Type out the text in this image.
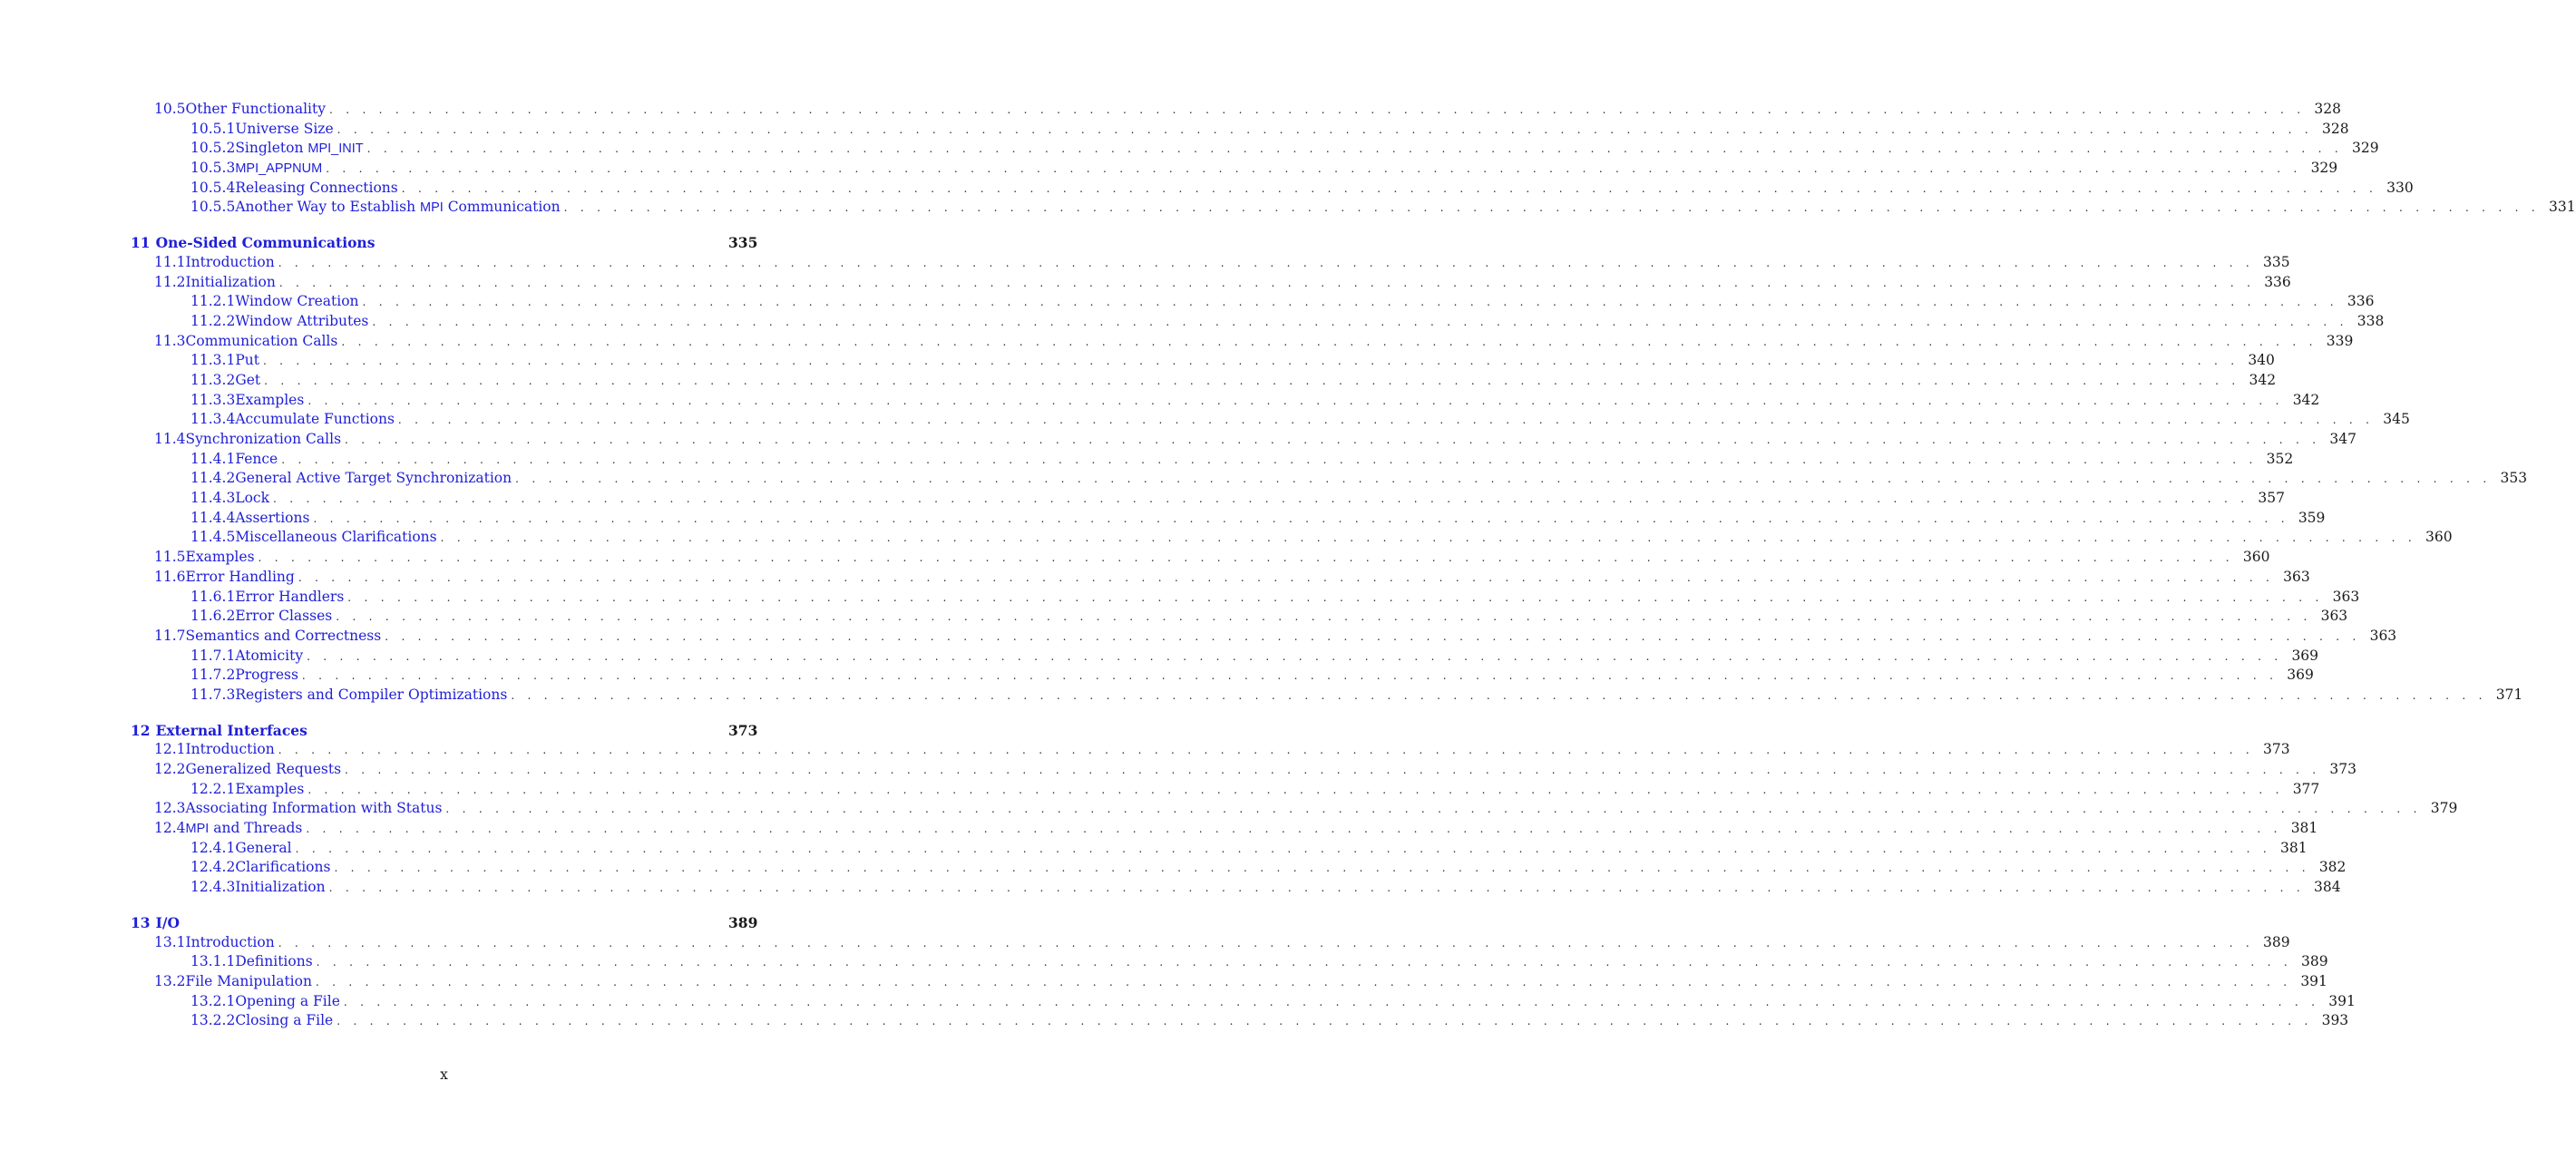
10.5 Other Functionality . . . . . . . . . . . . . . . . . . . . . . . . . . . . . . . . . . . . . . . . . . . . . . . . . . . . . . . . . . . . . . . . . . . . . . . . . . . . . . . . . . . . . . . . . . . . . . . . . . . . . . . . . . . . . . . . . . . . . . . . 328
10.5.1 Universe Size . . . . . . . . . . . . . . . . . . . . . . . . . . . . . . . . . . . . . . . . . . . . . . . . . . . . . . . . . . . . . . . . . . . . . . . . . . . . . . . . . . . . . . . . . . . . . . . . . . . . . . . . . . . . . . . . . . . . . . . . 328
10.5.2 Singleton MPI_INIT . . . . . . . . . . . . . . . . . . . . . . . . . . . . . . . . . . . . . . . . . . . . . . . . . . . . . . . . . . . . . . . . . . . . . . . . . . . . . . . . . . . . . . . . . . . . . . . . . . . . . . . . . . . . . . . . . . . . . . . . 329
10.5.3 MPI_APPNUM . . . . . . . . . . . . . . . . . . . . . . . . . . . . . . . . . . . . . . . . . . . . . . . . . . . . . . . . . . . . . . . . . . . . . . . . . . . . . . . . . . . . . . . . . . . . . . . . . . . . . . . . . . . . . . . . . . . . . . . . 329
10.5.4 Releasing Connections . . . . . . . . . . . . . . . . . . . . . . . . . . . . . . . . . . . . . . . . . . . . . . . . . . . . . . . . . . . . . . . . . . . . . . . . . . . . . . . . . . . . . . . . . . . . . . . . . . . . . . . . . . . . . . . . . . . . . . . . 330
10.5.5 Another Way to Establish MPI Communication . . . . . . . . . . . . . . . . . . . . . . . . . . . . . . . . . . . . . . . . . . . . . . . . . . . . . . . . . . . . . . . . . . . . . . . . . . . . . . . . . . . . . . . . . . . . . . . . . . . . . . . . . . . . . . . . . . . . . . . . 331
11 One-Sided Communications	335
11.1 Introduction . . . . . . . . . . . . . . . . . . . . . . . . . . . . . . . . . . . . . . . . . . . . . . . . . . . . . . . . . . . . . . . . . . . . . . . . . . . . . . . . . . . . . . . . . . . . . . . . . . . . . . . . . . . . . . . . . . . . . . . . 335
11.2 Initialization . . . . . . . . . . . . . . . . . . . . . . . . . . . . . . . . . . . . . . . . . . . . . . . . . . . . . . . . . . . . . . . . . . . . . . . . . . . . . . . . . . . . . . . . . . . . . . . . . . . . . . . . . . . . . . . . . . . . . . . . 336
11.2.1 Window Creation . . . . . . . . . . . . . . . . . . . . . . . . . . . . . . . . . . . . . . . . . . . . . . . . . . . . . . . . . . . . . . . . . . . . . . . . . . . . . . . . . . . . . . . . . . . . . . . . . . . . . . . . . . . . . . . . . . . . . . . . 336
11.2.2 Window Attributes . . . . . . . . . . . . . . . . . . . . . . . . . . . . . . . . . . . . . . . . . . . . . . . . . . . . . . . . . . . . . . . . . . . . . . . . . . . . . . . . . . . . . . . . . . . . . . . . . . . . . . . . . . . . . . . . . . . . . . . . 338
11.3 Communication Calls . . . . . . . . . . . . . . . . . . . . . . . . . . . . . . . . . . . . . . . . . . . . . . . . . . . . . . . . . . . . . . . . . . . . . . . . . . . . . . . . . . . . . . . . . . . . . . . . . . . . . . . . . . . . . . . . . . . . . . . . 339
11.3.1 Put . . . . . . . . . . . . . . . . . . . . . . . . . . . . . . . . . . . . . . . . . . . . . . . . . . . . . . . . . . . . . . . . . . . . . . . . . . . . . . . . . . . . . . . . . . . . . . . . . . . . . . . . . . . . . . . . . . . . . . . . 340
11.3.2 Get . . . . . . . . . . . . . . . . . . . . . . . . . . . . . . . . . . . . . . . . . . . . . . . . . . . . . . . . . . . . . . . . . . . . . . . . . . . . . . . . . . . . . . . . . . . . . . . . . . . . . . . . . . . . . . . . . . . . . . . . 342
11.3.3 Examples . . . . . . . . . . . . . . . . . . . . . . . . . . . . . . . . . . . . . . . . . . . . . . . . . . . . . . . . . . . . . . . . . . . . . . . . . . . . . . . . . . . . . . . . . . . . . . . . . . . . . . . . . . . . . . . . . . . . . . . . 342
11.3.4 Accumulate Functions . . . . . . . . . . . . . . . . . . . . . . . . . . . . . . . . . . . . . . . . . . . . . . . . . . . . . . . . . . . . . . . . . . . . . . . . . . . . . . . . . . . . . . . . . . . . . . . . . . . . . . . . . . . . . . . . . . . . . . . . 345
11.4 Synchronization Calls . . . . . . . . . . . . . . . . . . . . . . . . . . . . . . . . . . . . . . . . . . . . . . . . . . . . . . . . . . . . . . . . . . . . . . . . . . . . . . . . . . . . . . . . . . . . . . . . . . . . . . . . . . . . . . . . . . . . . . . . 347
11.4.1 Fence . . . . . . . . . . . . . . . . . . . . . . . . . . . . . . . . . . . . . . . . . . . . . . . . . . . . . . . . . . . . . . . . . . . . . . . . . . . . . . . . . . . . . . . . . . . . . . . . . . . . . . . . . . . . . . . . . . . . . . . . 352
11.4.2 General Active Target Synchronization . . . . . . . . . . . . . . . . . . . . . . . . . . . . . . . . . . . . . . . . . . . . . . . . . . . . . . . . . . . . . . . . . . . . . . . . . . . . . . . . . . . . . . . . . . . . . . . . . . . . . . . . . . . . . . . . . . . . . . . . 353
11.4.3 Lock . . . . . . . . . . . . . . . . . . . . . . . . . . . . . . . . . . . . . . . . . . . . . . . . . . . . . . . . . . . . . . . . . . . . . . . . . . . . . . . . . . . . . . . . . . . . . . . . . . . . . . . . . . . . . . . . . . . . . . . . 357
11.4.4 Assertions . . . . . . . . . . . . . . . . . . . . . . . . . . . . . . . . . . . . . . . . . . . . . . . . . . . . . . . . . . . . . . . . . . . . . . . . . . . . . . . . . . . . . . . . . . . . . . . . . . . . . . . . . . . . . . . . . . . . . . . . 359
11.4.5 Miscellaneous Clarifications . . . . . . . . . . . . . . . . . . . . . . . . . . . . . . . . . . . . . . . . . . . . . . . . . . . . . . . . . . . . . . . . . . . . . . . . . . . . . . . . . . . . . . . . . . . . . . . . . . . . . . . . . . . . . . . . . . . . . . . . 360
11.5 Examples . . . . . . . . . . . . . . . . . . . . . . . . . . . . . . . . . . . . . . . . . . . . . . . . . . . . . . . . . . . . . . . . . . . . . . . . . . . . . . . . . . . . . . . . . . . . . . . . . . . . . . . . . . . . . . . . . . . . . . . . 360
11.6 Error Handling . . . . . . . . . . . . . . . . . . . . . . . . . . . . . . . . . . . . . . . . . . . . . . . . . . . . . . . . . . . . . . . . . . . . . . . . . . . . . . . . . . . . . . . . . . . . . . . . . . . . . . . . . . . . . . . . . . . . . . . . 363
11.6.1 Error Handlers . . . . . . . . . . . . . . . . . . . . . . . . . . . . . . . . . . . . . . . . . . . . . . . . . . . . . . . . . . . . . . . . . . . . . . . . . . . . . . . . . . . . . . . . . . . . . . . . . . . . . . . . . . . . . . . . . . . . . . . . 363
11.6.2 Error Classes . . . . . . . . . . . . . . . . . . . . . . . . . . . . . . . . . . . . . . . . . . . . . . . . . . . . . . . . . . . . . . . . . . . . . . . . . . . . . . . . . . . . . . . . . . . . . . . . . . . . . . . . . . . . . . . . . . . . . . . . 363
11.7 Semantics and Correctness . . . . . . . . . . . . . . . . . . . . . . . . . . . . . . . . . . . . . . . . . . . . . . . . . . . . . . . . . . . . . . . . . . . . . . . . . . . . . . . . . . . . . . . . . . . . . . . . . . . . . . . . . . . . . . . . . . . . . . . . 363
11.7.1 Atomicity . . . . . . . . . . . . . . . . . . . . . . . . . . . . . . . . . . . . . . . . . . . . . . . . . . . . . . . . . . . . . . . . . . . . . . . . . . . . . . . . . . . . . . . . . . . . . . . . . . . . . . . . . . . . . . . . . . . . . . . . 369
11.7.2 Progress . . . . . . . . . . . . . . . . . . . . . . . . . . . . . . . . . . . . . . . . . . . . . . . . . . . . . . . . . . . . . . . . . . . . . . . . . . . . . . . . . . . . . . . . . . . . . . . . . . . . . . . . . . . . . . . . . . . . . . . . 369
11.7.3 Registers and Compiler Optimizations . . . . . . . . . . . . . . . . . . . . . . . . . . . . . . . . . . . . . . . . . . . . . . . . . . . . . . . . . . . . . . . . . . . . . . . . . . . . . . . . . . . . . . . . . . . . . . . . . . . . . . . . . . . . . . . . . . . . . . . . 371
12 External Interfaces	373
12.1 Introduction . . . . . . . . . . . . . . . . . . . . . . . . . . . . . . . . . . . . . . . . . . . . . . . . . . . . . . . . . . . . . . . . . . . . . . . . . . . . . . . . . . . . . . . . . . . . . . . . . . . . . . . . . . . . . . . . . . . . . . . . 373
12.2 Generalized Requests . . . . . . . . . . . . . . . . . . . . . . . . . . . . . . . . . . . . . . . . . . . . . . . . . . . . . . . . . . . . . . . . . . . . . . . . . . . . . . . . . . . . . . . . . . . . . . . . . . . . . . . . . . . . . . . . . . . . . . . . 373
12.2.1 Examples . . . . . . . . . . . . . . . . . . . . . . . . . . . . . . . . . . . . . . . . . . . . . . . . . . . . . . . . . . . . . . . . . . . . . . . . . . . . . . . . . . . . . . . . . . . . . . . . . . . . . . . . . . . . . . . . . . . . . . . . 377
12.3 Associating Information with Status . . . . . . . . . . . . . . . . . . . . . . . . . . . . . . . . . . . . . . . . . . . . . . . . . . . . . . . . . . . . . . . . . . . . . . . . . . . . . . . . . . . . . . . . . . . . . . . . . . . . . . . . . . . . . . . . . . . . . . . . 379
12.4 MPI and Threads . . . . . . . . . . . . . . . . . . . . . . . . . . . . . . . . . . . . . . . . . . . . . . . . . . . . . . . . . . . . . . . . . . . . . . . . . . . . . . . . . . . . . . . . . . . . . . . . . . . . . . . . . . . . . . . . . . . . . . . . 381
12.4.1 General . . . . . . . . . . . . . . . . . . . . . . . . . . . . . . . . . . . . . . . . . . . . . . . . . . . . . . . . . . . . . . . . . . . . . . . . . . . . . . . . . . . . . . . . . . . . . . . . . . . . . . . . . . . . . . . . . . . . . . . . 381
12.4.2 Clarifications . . . . . . . . . . . . . . . . . . . . . . . . . . . . . . . . . . . . . . . . . . . . . . . . . . . . . . . . . . . . . . . . . . . . . . . . . . . . . . . . . . . . . . . . . . . . . . . . . . . . . . . . . . . . . . . . . . . . . . . . 382
12.4.3 Initialization . . . . . . . . . . . . . . . . . . . . . . . . . . . . . . . . . . . . . . . . . . . . . . . . . . . . . . . . . . . . . . . . . . . . . . . . . . . . . . . . . . . . . . . . . . . . . . . . . . . . . . . . . . . . . . . . . . . . . . . . 384
13 I/O	389
13.1 Introduction . . . . . . . . . . . . . . . . . . . . . . . . . . . . . . . . . . . . . . . . . . . . . . . . . . . . . . . . . . . . . . . . . . . . . . . . . . . . . . . . . . . . . . . . . . . . . . . . . . . . . . . . . . . . . . . . . . . . . . . . 389
13.1.1 Definitions . . . . . . . . . . . . . . . . . . . . . . . . . . . . . . . . . . . . . . . . . . . . . . . . . . . . . . . . . . . . . . . . . . . . . . . . . . . . . . . . . . . . . . . . . . . . . . . . . . . . . . . . . . . . . . . . . . . . . . . . 389
13.2 File Manipulation . . . . . . . . . . . . . . . . . . . . . . . . . . . . . . . . . . . . . . . . . . . . . . . . . . . . . . . . . . . . . . . . . . . . . . . . . . . . . . . . . . . . . . . . . . . . . . . . . . . . . . . . . . . . . . . . . . . . . . . . 391
13.2.1 Opening a File . . . . . . . . . . . . . . . . . . . . . . . . . . . . . . . . . . . . . . . . . . . . . . . . . . . . . . . . . . . . . . . . . . . . . . . . . . . . . . . . . . . . . . . . . . . . . . . . . . . . . . . . . . . . . . . . . . . . . . . . 391
13.2.2 Closing a File . . . . . . . . . . . . . . . . . . . . . . . . . . . . . . . . . . . . . . . . . . . . . . . . . . . . . . . . . . . . . . . . . . . . . . . . . . . . . . . . . . . . . . . . . . . . . . . . . . . . . . . . . . . . . . . . . . . . . . . . 393
x
